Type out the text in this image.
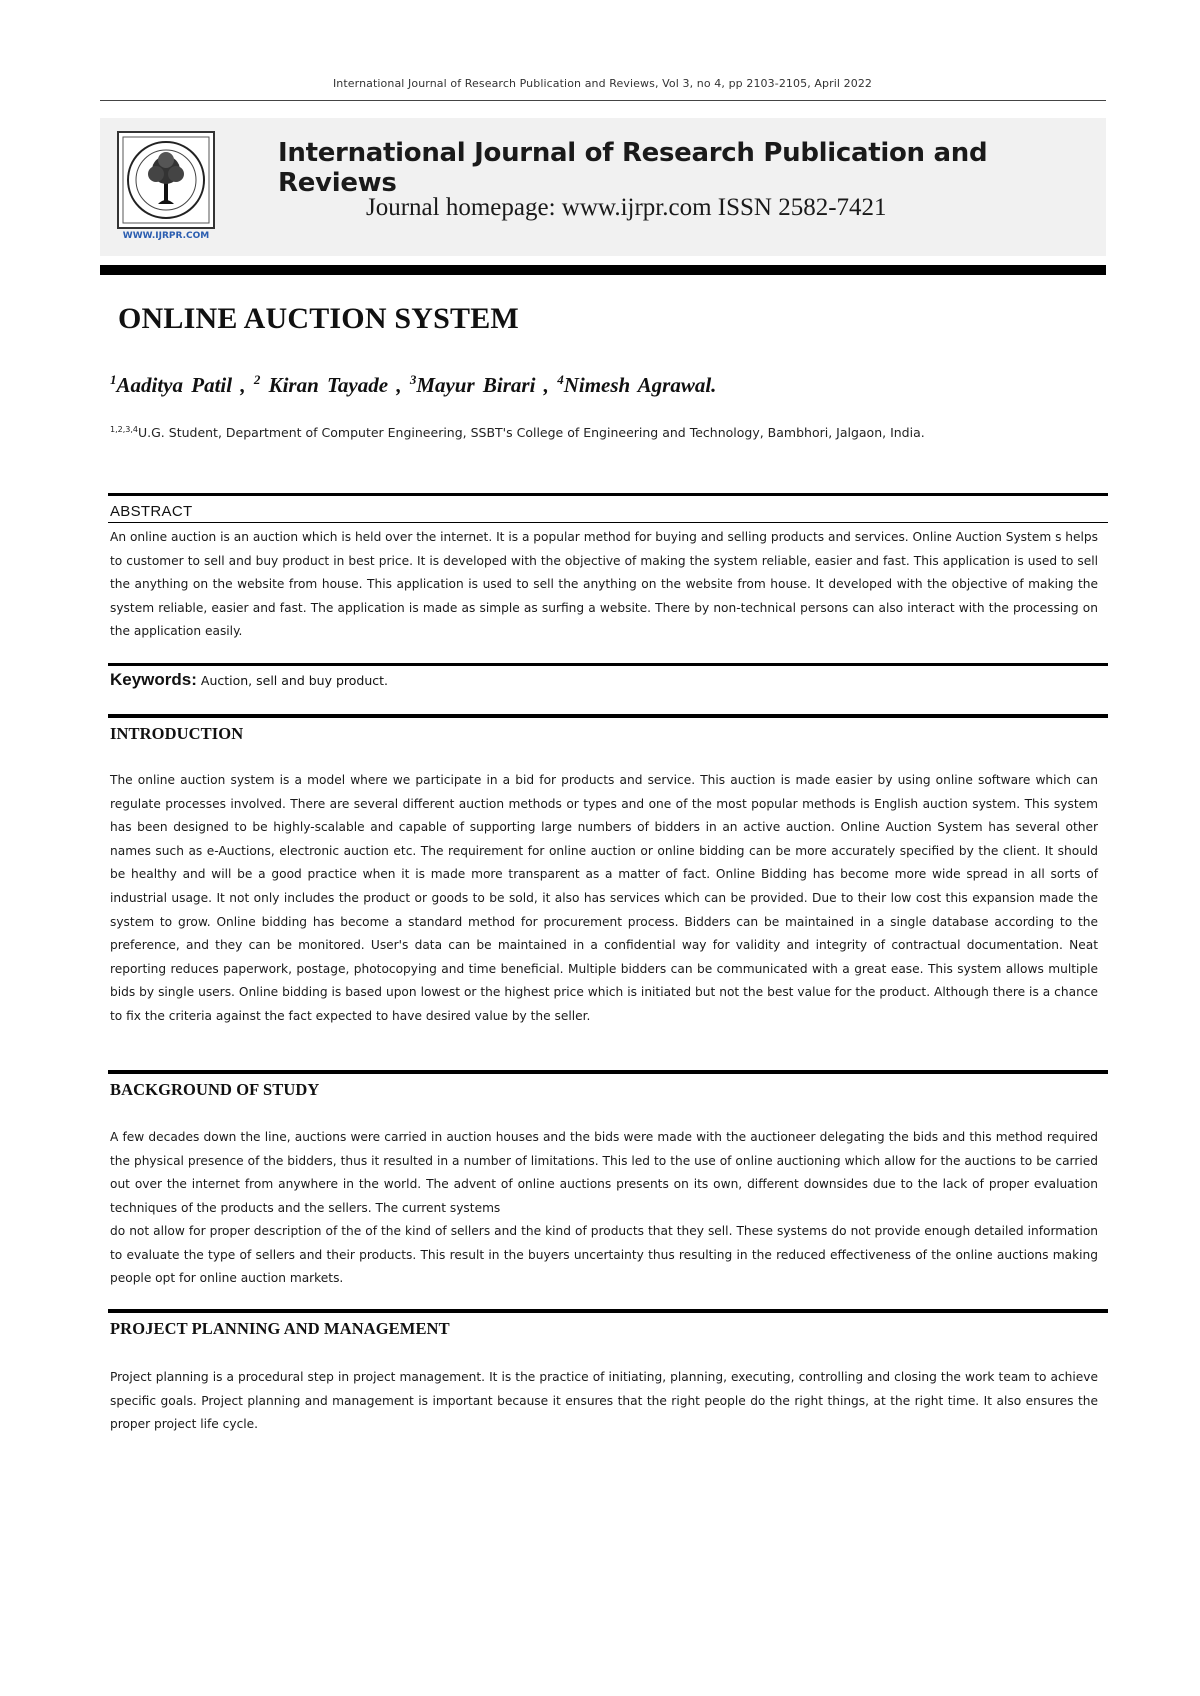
International Journal of Research Publication and Reviews, Vol 3, no 4, pp 2103-2105, April 2022
WWW.IJRPR.COM
International Journal of Research Publication and Reviews
Journal homepage: www.ijrpr.com ISSN 2582-7421
ONLINE AUCTION SYSTEM
$^1$Aaditya Patil , $^2$ Kiran Tayade , $^3$Mayur Birari , $^4$Nimesh Agrawal.
$^{1,2,3,4}$U.G. Student, Department of Computer Engineering, SSBT's College of Engineering and Technology, Bambhori, Jalgaon, India.
ABSTRACT
An online auction is an auction which is held over the internet. It is a popular method for buying and selling products and services. Online Auction System s helps to customer to sell and buy product in best price. It is developed with the objective of making the system reliable, easier and fast. This application is used to sell the anything on the website from house. This application is used to sell the anything on the website from house. It developed with the objective of making the system reliable, easier and fast. The application is made as simple as surfing a website. There by non-technical persons can also interact with the processing on the application easily.
Keywords: Auction, sell and buy product.
INTRODUCTION
The online auction system is a model where we participate in a bid for products and service. This auction is made easier by using online software which can regulate processes involved. There are several different auction methods or types and one of the most popular methods is English auction system. This system has been designed to be highly-scalable and capable of supporting large numbers of bidders in an active auction. Online Auction System has several other names such as e-Auctions, electronic auction etc. The requirement for online auction or online bidding can be more accurately specified by the client. It should be healthy and will be a good practice when it is made more transparent as a matter of fact. Online Bidding has become more wide spread in all sorts of industrial usage. It not only includes the product or goods to be sold, it also has services which can be provided. Due to their low cost this expansion made the system to grow. Online bidding has become a standard method for procurement process. Bidders can be maintained in a single database according to the preference, and they can be monitored. User's data can be maintained in a confidential way for validity and integrity of contractual documentation. Neat reporting reduces paperwork, postage, photocopying and time beneficial. Multiple bidders can be communicated with a great ease. This system allows multiple bids by single users. Online bidding is based upon lowest or the highest price which is initiated but not the best value for the product. Although there is a chance to fix the criteria against the fact expected to have desired value by the seller.
BACKGROUND OF STUDY
A few decades down the line, auctions were carried in auction houses and the bids were made with the auctioneer delegating the bids and this method required the physical presence of the bidders, thus it resulted in a number of limitations. This led to the use of online auctioning which allow for the auctions to be carried out over the internet from anywhere in the world. The advent of online auctions presents on its own, different downsides due to the lack of proper evaluation techniques of the products and the sellers. The current systems
do not allow for proper description of the of the kind of sellers and the kind of products that they sell. These systems do not provide enough detailed information to evaluate the type of sellers and their products. This result in the buyers uncertainty thus resulting in the reduced effectiveness of the online auctions making people opt for online auction markets.
PROJECT PLANNING AND MANAGEMENT
Project planning is a procedural step in project management. It is the practice of initiating, planning, executing, controlling and closing the work team to achieve specific goals. Project planning and management is important because it ensures that the right people do the right things, at the right time. It also ensures the proper project life cycle.
